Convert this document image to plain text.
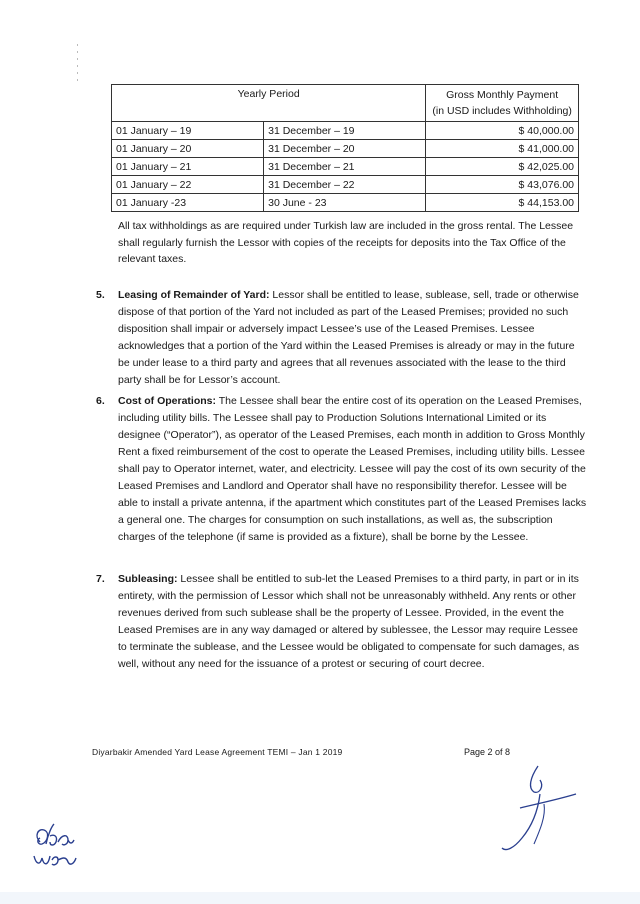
Yearly Period		Gross Monthly Payment
(in USD includes Withholding)
01 January – 19	31 December – 19	$ 40,000.00
01 January – 20	31 December – 20	$ 41,000.00
01 January – 21	31 December – 21	$ 42,025.00
01 January – 22	31 December – 22	$ 43,076.00
01 January -23	30 June - 23	$ 44,153.00

All tax withholdings as are required under Turkish law are included in the gross rental. The Lessee shall regularly furnish the Lessor with copies of the receipts for deposits into the Tax Office of the relevant taxes.

5.	Leasing of Remainder of Yard: Lessor shall be entitled to lease, sublease, sell, trade or otherwise dispose of that portion of the Yard not included as part of the Leased Premises; provided no such disposition shall impair or adversely impact Lessee’s use of the Leased Premises. Lessee acknowledges that a portion of the Yard within the Leased Premises is already or may in the future be under lease to a third party and agrees that all revenues associated with the lease to the third party shall be for Lessor’s account.
6.	Cost of Operations: The Lessee shall bear the entire cost of its operation on the Leased Premises, including utility bills. The Lessee shall pay to Production Solutions International Limited or its designee (“Operator”), as operator of the Leased Premises, each month in addition to Gross Monthly Rent a fixed reimbursement of the cost to operate the Leased Premises, including utility bills. Lessee shall pay to Operator internet, water, and electricity. Lessee will pay the cost of its own security of the Leased Premises and Landlord and Operator shall have no responsibility therefor. Lessee will be able to install a private antenna, if the apartment which constitutes part of the Leased Premises lacks a general one. The charges for consumption on such installations, as well as, the subscription charges of the telephone (if same is provided as a fixture), shall be borne by the Lessee.
7.	Subleasing: Lessee shall be entitled to sub-let the Leased Premises to a third party, in part or in its entirety, with the permission of Lessor which shall not be unreasonably withheld. Any rents or other revenues derived from such sublease shall be the property of Lessee. Provided, in the event the Leased Premises are in any way damaged or altered by sublessee, the Lessor may require Lessee to terminate the sublease, and the Lessee would be obligated to compensate for such damages, as well, without any need for the issuance of a protest or securing of court decree.
Diyarbakir Amended Yard Lease Agreement TEMI – Jan 1 2019	Page 2 of 8
